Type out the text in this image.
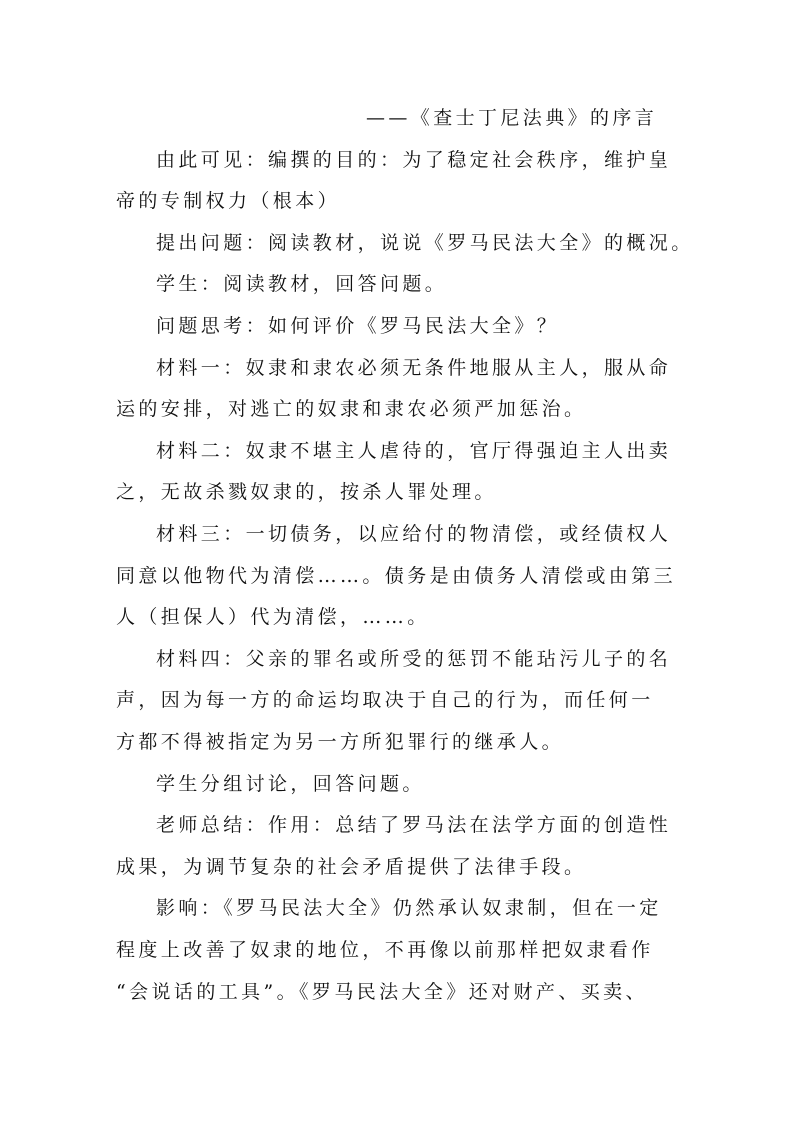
——《查士丁尼法典》的序言
由此可见：编撰的目的：为了稳定社会秩序，维护皇
帝的专制权力（根本）
提出问题：阅读教材，说说《罗马民法大全》的概况。
学生：阅读教材，回答问题。
问题思考：如何评价《罗马民法大全》？
材料一：奴隶和隶农必须无条件地服从主人，服从命
运的安排，对逃亡的奴隶和隶农必须严加惩治。
材料二：奴隶不堪主人虐待的，官厅得强迫主人出卖
之，无故杀戮奴隶的，按杀人罪处理。
材料三：一切债务，以应给付的物清偿，或经债权人
同意以他物代为清偿……。债务是由债务人清偿或由第三
人（担保人）代为清偿，……。
材料四：父亲的罪名或所受的惩罚不能玷污儿子的名
声，因为每一方的命运均取决于自己的行为，而任何一
方都不得被指定为另一方所犯罪行的继承人。
学生分组讨论，回答问题。
老师总结：作用：总结了罗马法在法学方面的创造性
成果，为调节复杂的社会矛盾提供了法律手段。
影响：《罗马民法大全》仍然承认奴隶制，但在一定
程度上改善了奴隶的地位，不再像以前那样把奴隶看作
“会说话的工具”。《罗马民法大全》还对财产、买卖、
